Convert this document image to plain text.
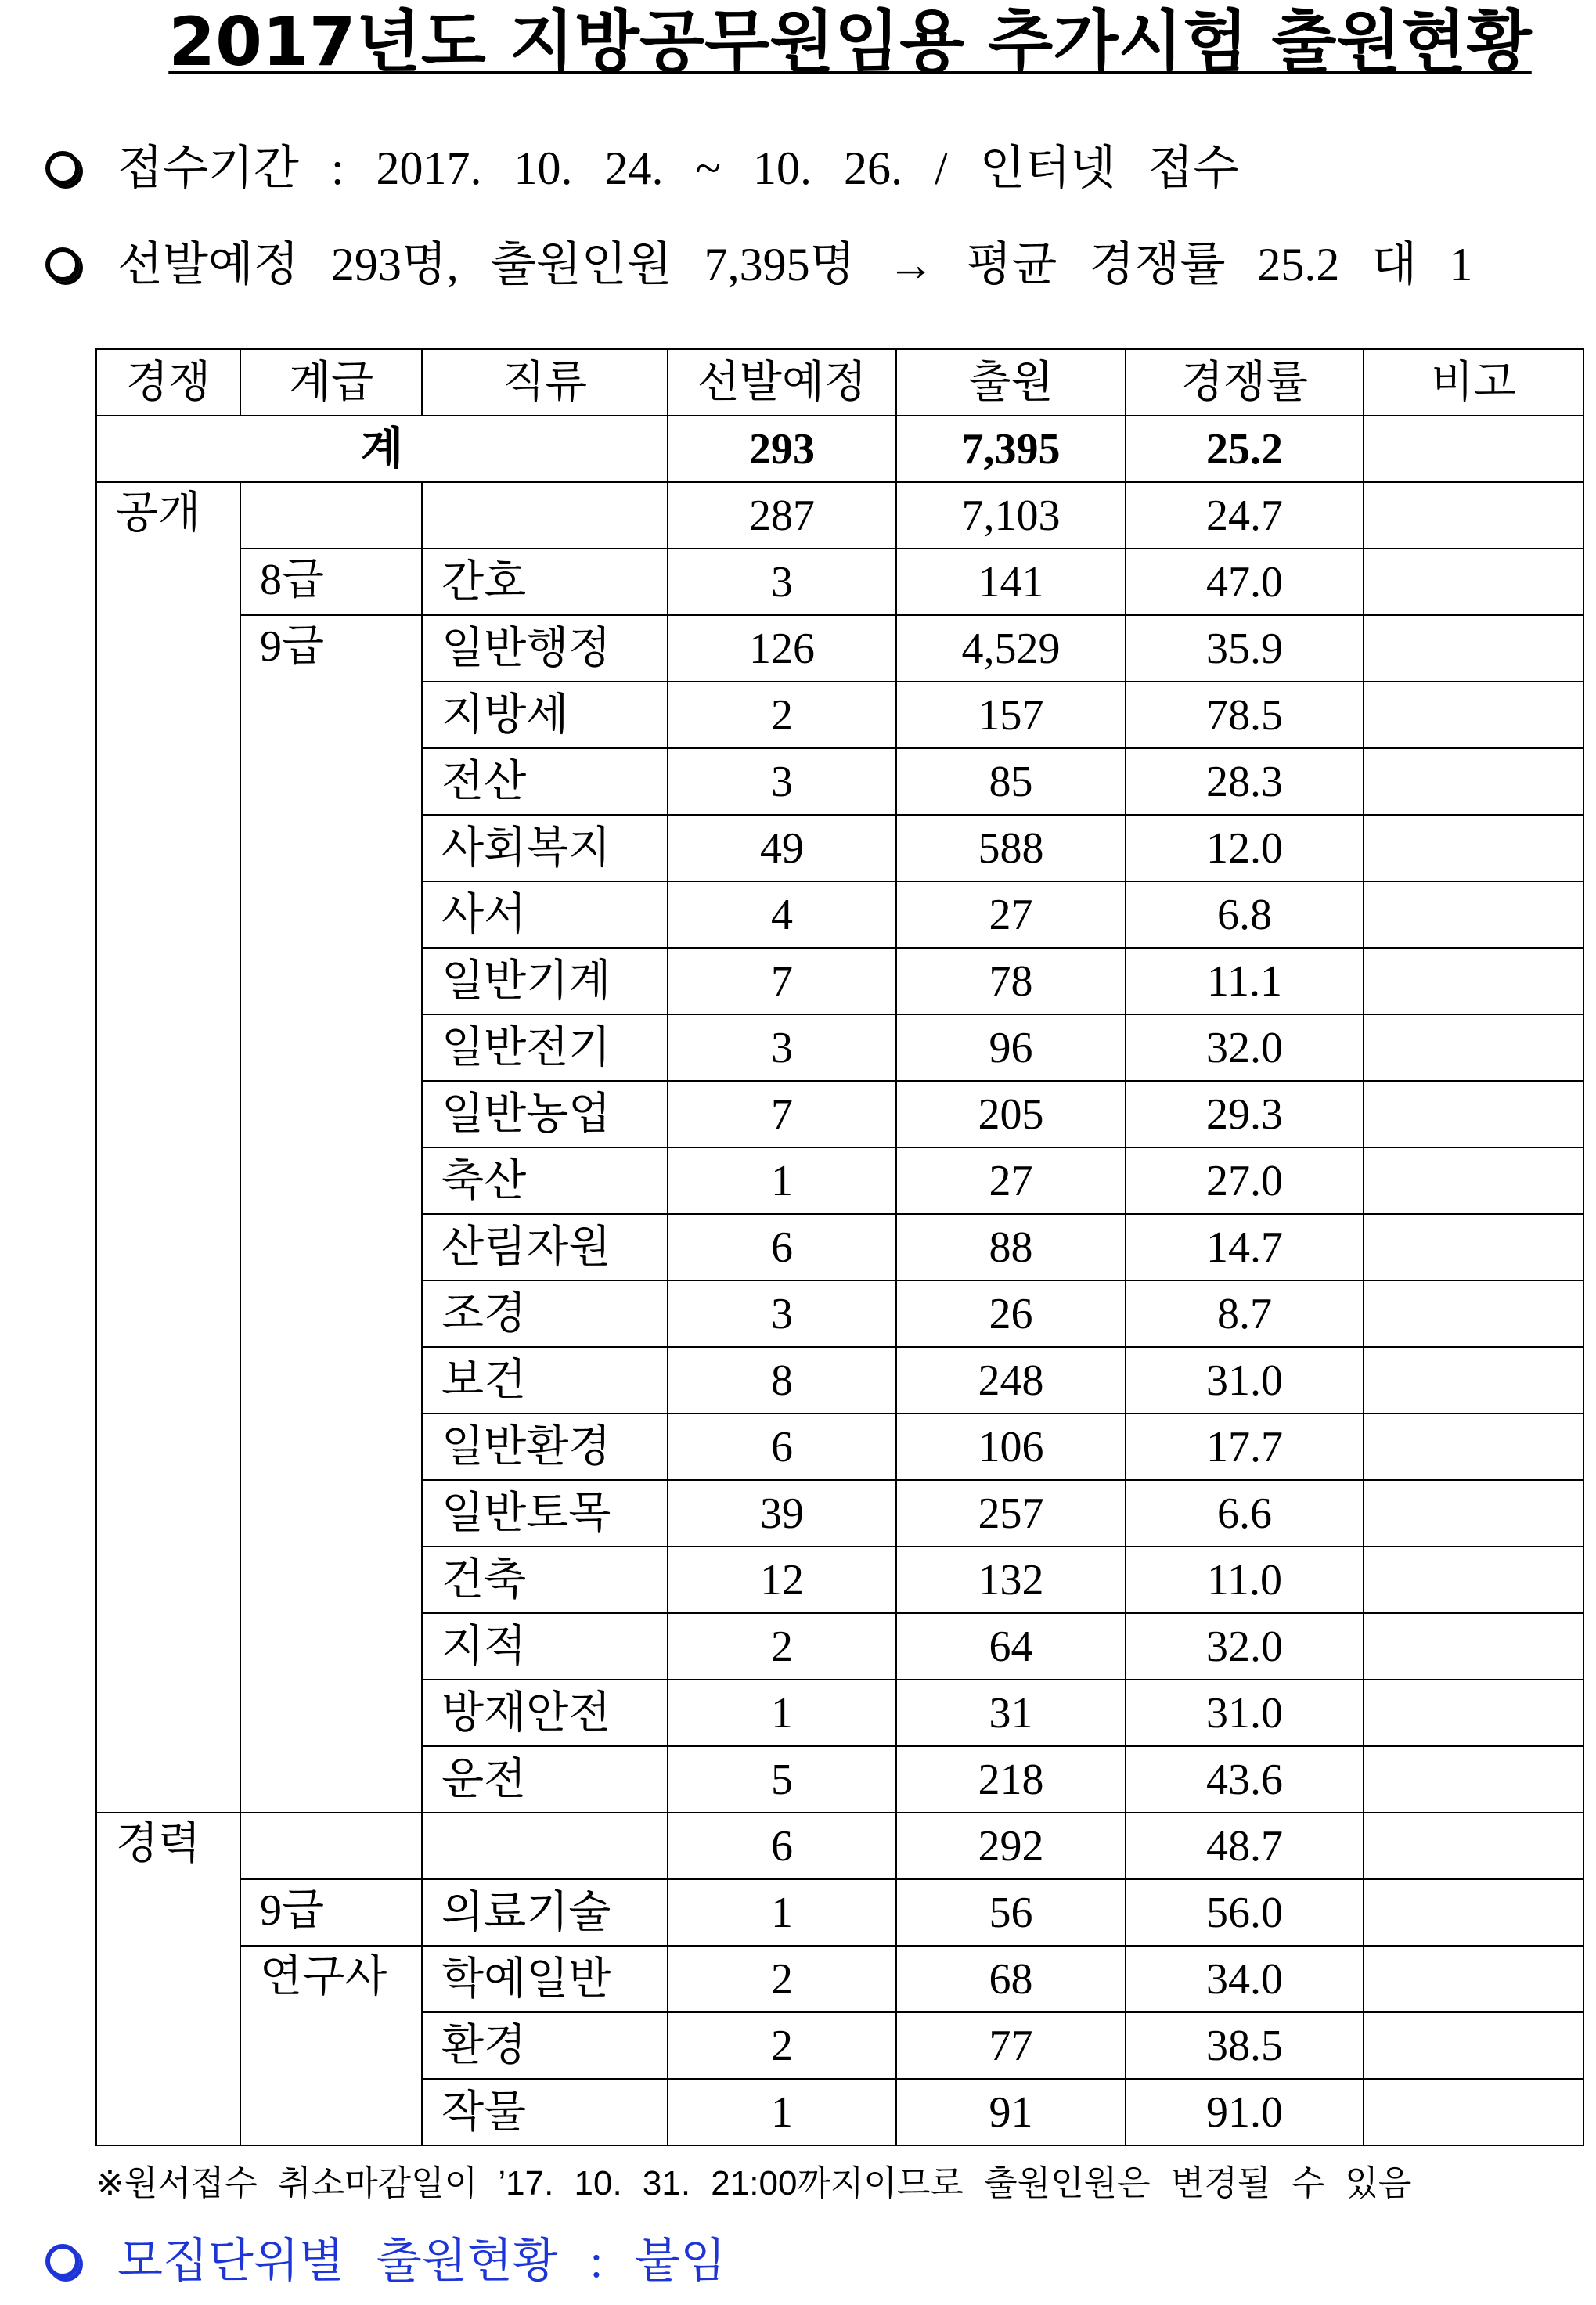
2017년도 지방공무원임용 추가시험 출원현황
접수기간 : 2017. 10. 24. ~ 10. 26. / 인터넷 접수
선발예정 293명, 출원인원 7,395명 → 평균 경쟁률 25.2 대 1
경쟁	계급	직류	선발예정	출원	경쟁률	비고
계			293	7,395	25.2	
공개			287	7,103	24.7	
	8급	간호	3	141	47.0	
	9급	일반행정	126	4,529	35.9	
		지방세	2	157	78.5	
		전산	3	85	28.3	
		사회복지	49	588	12.0	
		사서	4	27	6.8	
		일반기계	7	78	11.1	
		일반전기	3	96	32.0	
		일반농업	7	205	29.3	
		축산	1	27	27.0	
		산림자원	6	88	14.7	
		조경	3	26	8.7	
		보건	8	248	31.0	
		일반환경	6	106	17.7	
		일반토목	39	257	6.6	
		건축	12	132	11.0	
		지적	2	64	32.0	
		방재안전	1	31	31.0	
		운전	5	218	43.6	
경력			6	292	48.7	
	9급	의료기술	1	56	56.0	
	연구사	학예일반	2	68	34.0	
		환경	2	77	38.5	
		작물	1	91	91.0	
※원서접수 취소마감일이 ’17. 10. 31. 21:00까지이므로 출원인원은 변경될 수 있음
모집단위별 출원현황 : 붙임
